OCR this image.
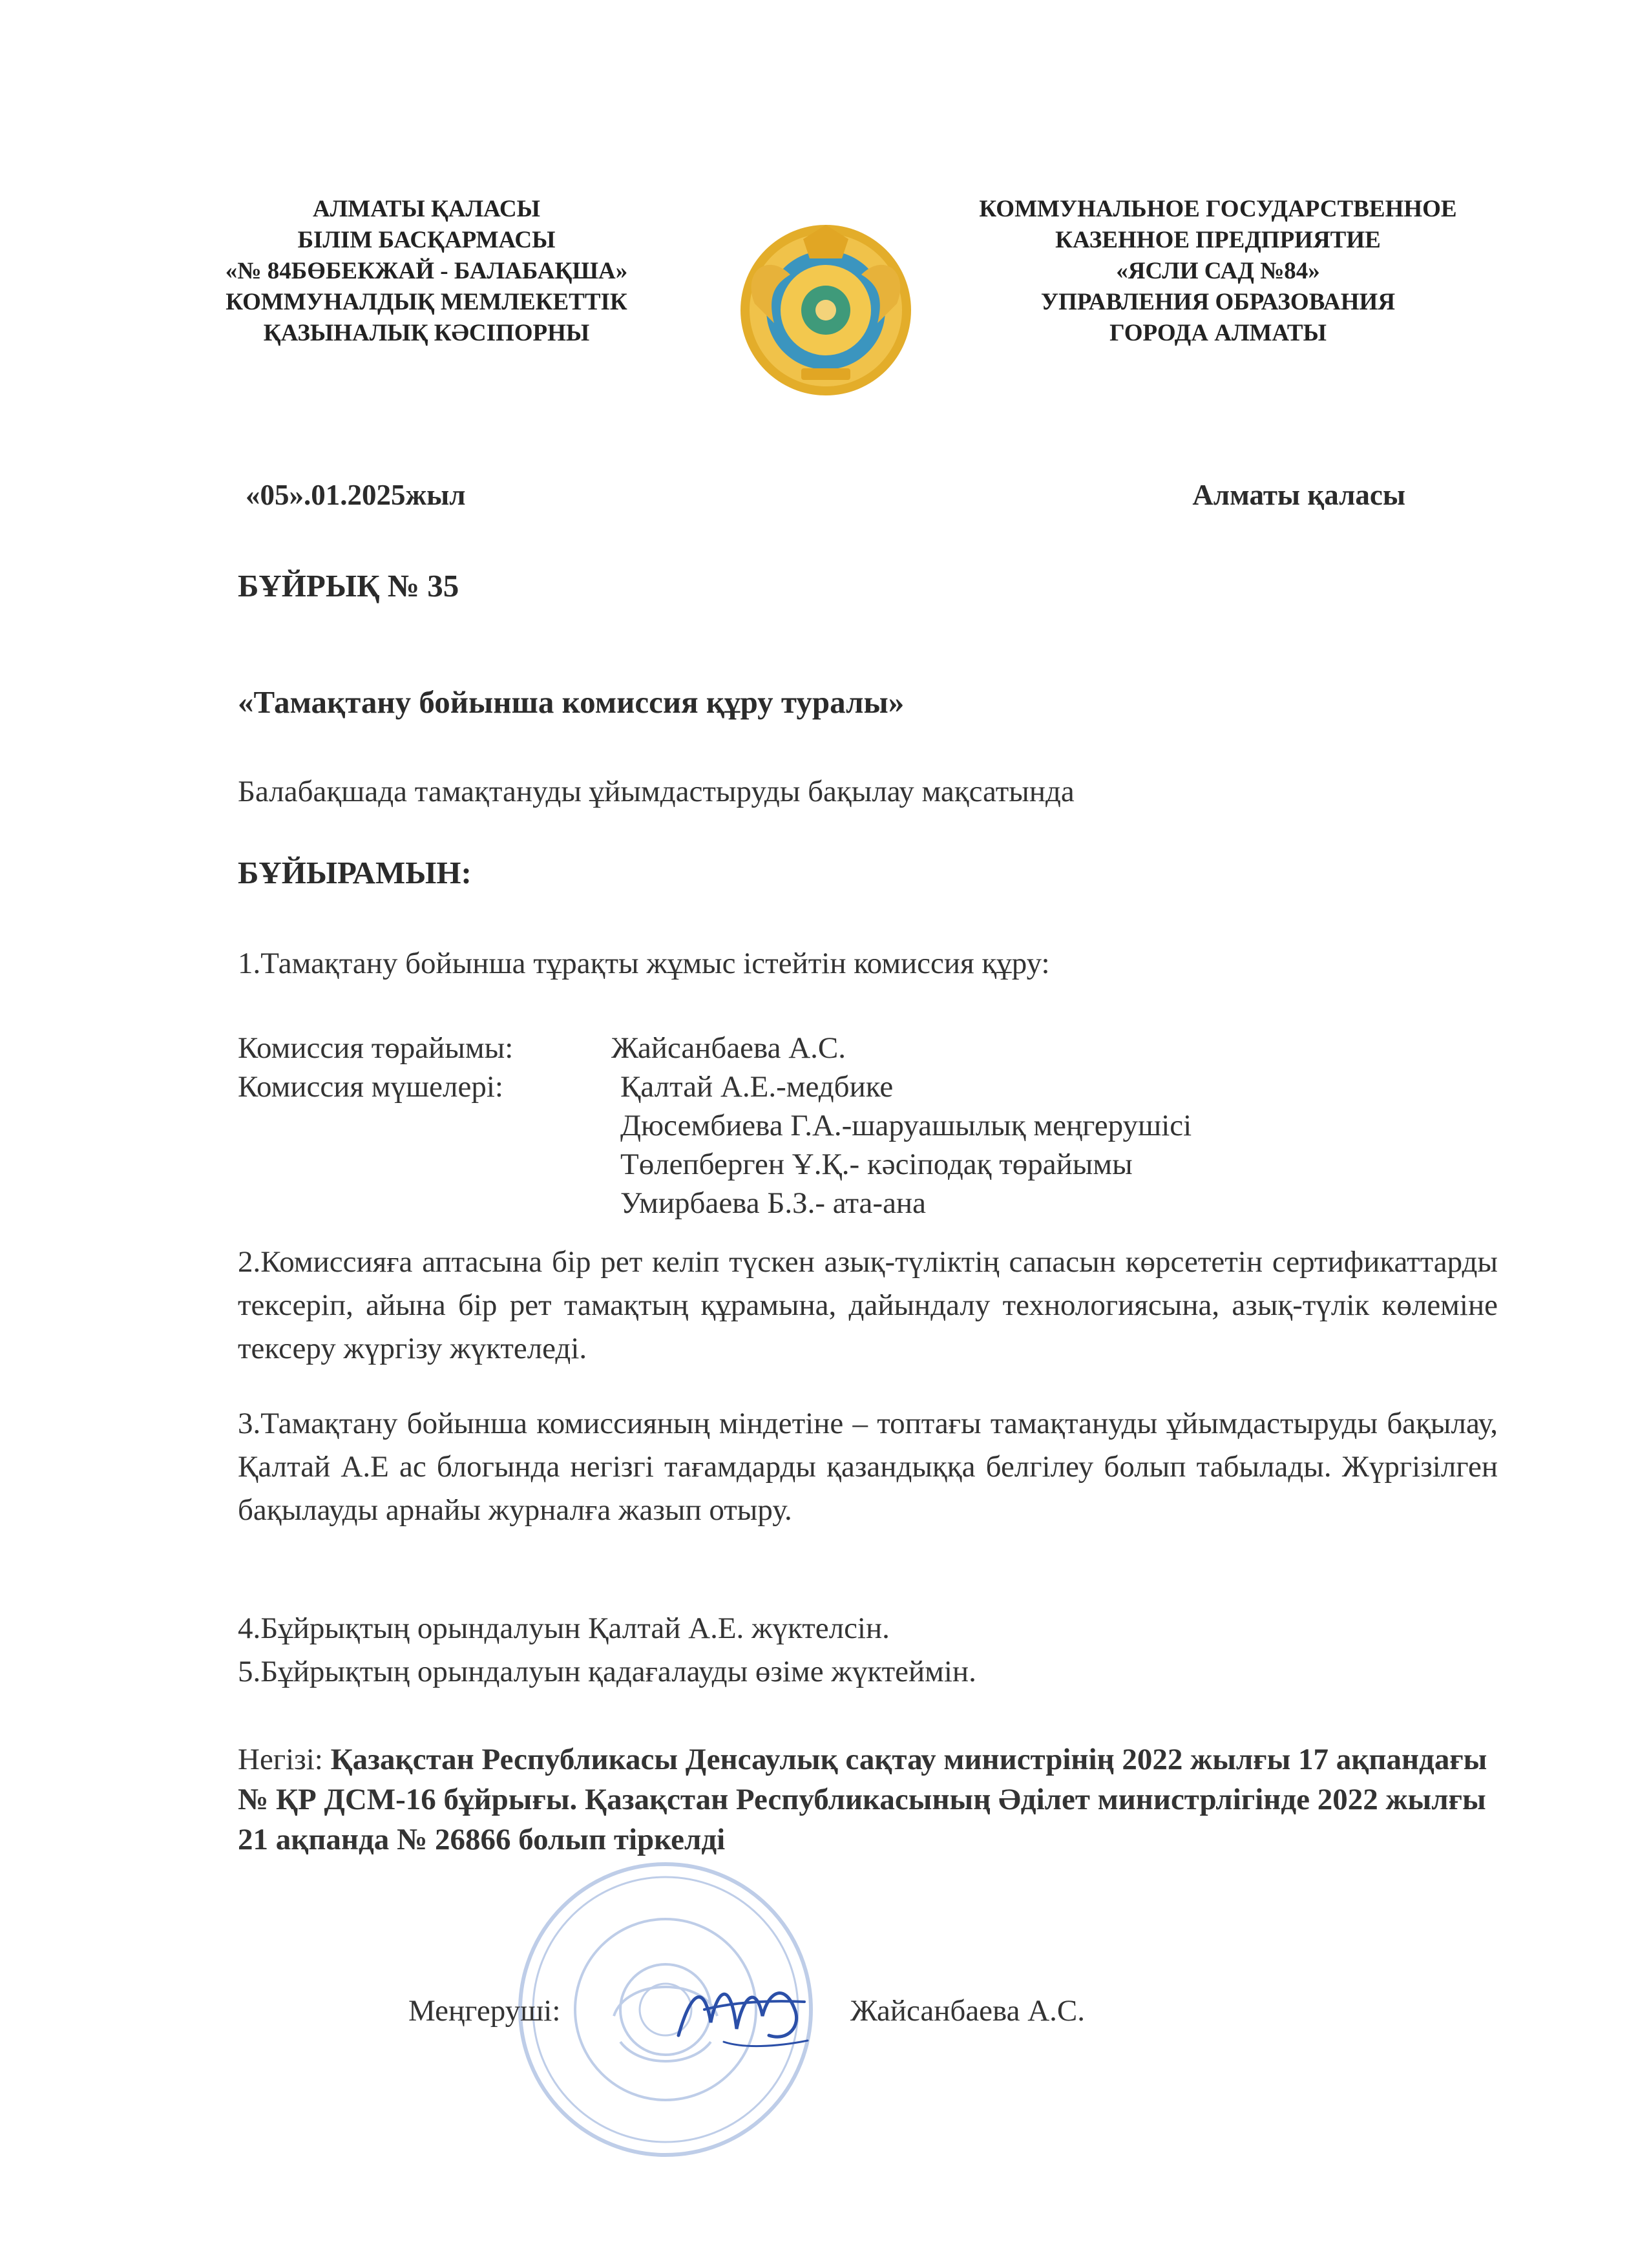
АЛМАТЫ ҚАЛАСЫ
БІЛІМ БАСҚАРМАСЫ
«№ 84БӨБЕКЖАЙ - БАЛАБАҚША»
КОММУНАЛДЫҚ МЕМЛЕКЕТТІК
ҚАЗЫНАЛЫҚ КӘСІПОРНЫ
КОММУНАЛЬНОЕ ГОСУДАРСТВЕННОЕ
КАЗЕННОЕ ПРЕДПРИЯТИЕ
«ЯСЛИ САД №84»
УПРАВЛЕНИЯ ОБРАЗОВАНИЯ
ГОРОДА АЛМАТЫ
«05».01.2025жыл	Алматы қаласы
БҰЙРЫҚ № 35
«Тамақтану бойынша комиссия құру туралы»
Балабақшада тамақтануды ұйымдастыруды бақылау мақсатында
БҰЙЫРАМЫН:
1.Тамақтану бойынша тұрақты жұмыс істейтін комиссия құру:
Комиссия төрайымы:	Жайсанбаева А.С.
Комиссия мүшелері:	Қалтай А.Е.-медбике
Дюсембиева Г.А.-шаруашылық меңгерушісі
Төлепберген Ұ.Қ.- кәсіподақ төрайымы
Умирбаева Б.З.- ата-ана
2.Комиссияға аптасына бір рет келіп түскен азық-түліктің сапасын көрсететін сертификаттарды тексеріп, айына бір рет тамақтың құрамына, дайындалу технологиясына, азық-түлік көлеміне тексеру жүргізу жүктеледі.
3.Тамақтану бойынша комиссияның міндетіне – топтағы тамақтануды ұйымдастыруды бақылау, Қалтай А.Е ас блогында негізгі тағамдарды қазандыққа белгілеу болып табылады. Жүргізілген бақылауды арнайы журналға жазып отыру.
4.Бұйрықтың орындалуын Қалтай А.Е. жүктелсін.
5.Бұйрықтың орындалуын қадағалауды өзіме жүктеймін.
Негізі: Қазақстан Республикасы Денсаулық сақтау министрінің 2022 жылғы 17 ақпандағы № ҚР ДСМ-16 бұйрығы. Қазақстан Республикасының Әділет министрлігінде 2022 жылғы 21 ақпанда № 26866 болып тіркелді
Меңгеруші:	Жайсанбаева А.С.
